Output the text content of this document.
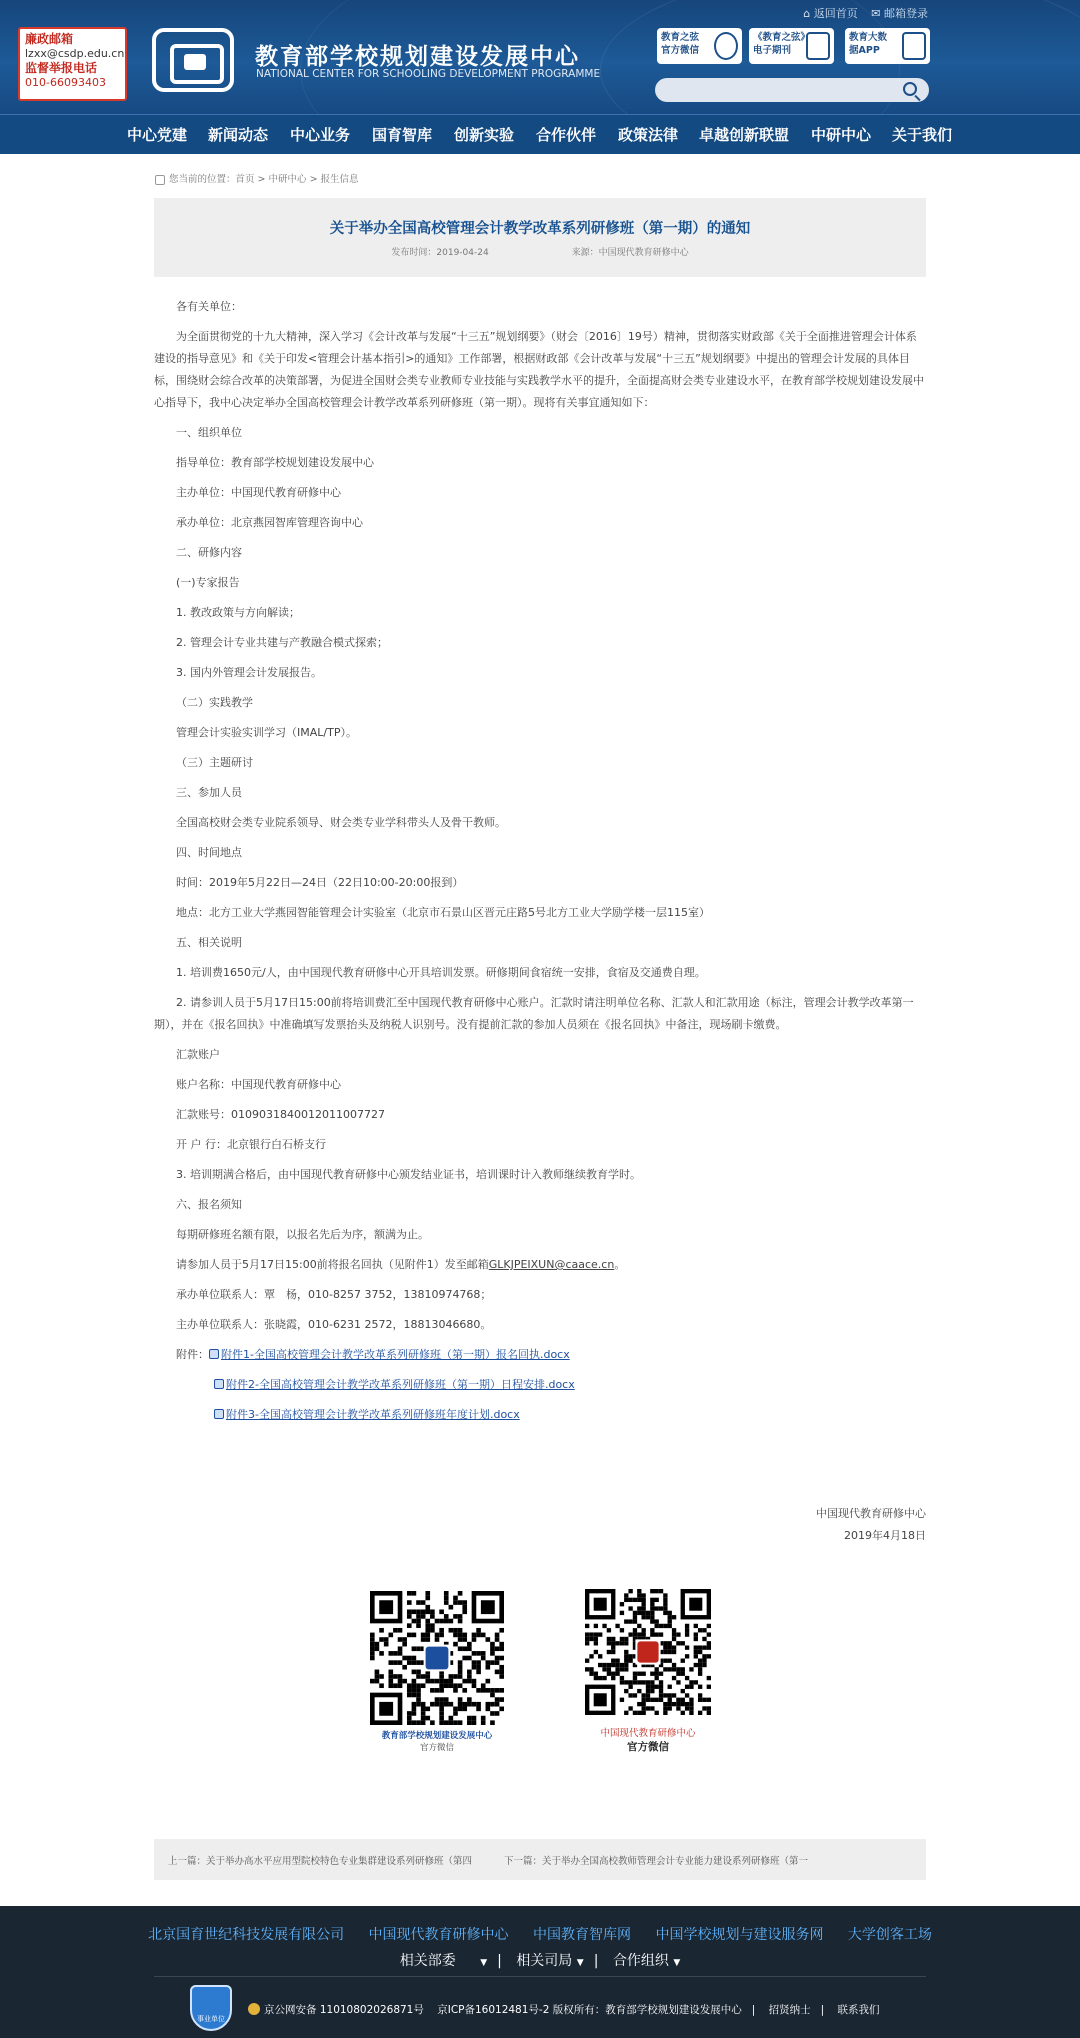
廉政邮箱
lzxx@csdp.edu.cn
监督举报电话
010-66093403
教育部学校规划建设发展中心
NATIONAL CENTER FOR SCHOOLING DEVELOPMENT PROGRAMME
⌂ 返回首页 ✉ 邮箱登录
教育之弦
官方微信
《教育之弦》
电子期刊
教育大数
据APP
中心党建 新闻动态 中心业务 国育智库 创新实验 合作伙伴 政策法律 卓越创新联盟 中研中心 关于我们
您当前的位置：首页 > 中研中心 > 报生信息
关于举办全国高校管理会计教学改革系列研修班（第一期）的通知
发布时间：2019-04-24	来源：中国现代教育研修中心

各有关单位：

为全面贯彻党的十九大精神，深入学习《会计改革与发展“十三五”规划纲要》（财会〔2016〕19号）精神，贯彻落实财政部《关于全面推进管理会计体系建设的指导意见》和《关于印发<管理会计基本指引>的通知》工作部署，根据财政部《会计改革与发展“十三五”规划纲要》中提出的管理会计发展的具体目标，围绕财会综合改革的决策部署，为促进全国财会类专业教师专业技能与实践教学水平的提升，全面提高财会类专业建设水平，在教育部学校规划建设发展中心指导下，我中心决定举办全国高校管理会计教学改革系列研修班（第一期）。现将有关事宜通知如下：

一、组织单位

指导单位：教育部学校规划建设发展中心

主办单位：中国现代教育研修中心

承办单位：北京燕园智库管理咨询中心

二、研修内容

(一)专家报告

1. 教改政策与方向解读；

2. 管理会计专业共建与产教融合模式探索；

3. 国内外管理会计发展报告。

（二）实践教学

管理会计实验实训学习（IMAL/TP）。

（三）主题研讨

三、参加人员

全国高校财会类专业院系领导、财会类专业学科带头人及骨干教师。

四、时间地点

时间：2019年5月22日—24日（22日10:00-20:00报到）

地点：北方工业大学燕园智能管理会计实验室（北京市石景山区晋元庄路5号北方工业大学励学楼一层115室）

五、相关说明

1. 培训费1650元/人，由中国现代教育研修中心开具培训发票。研修期间食宿统一安排，食宿及交通费自理。

2. 请参训人员于5月17日15:00前将培训费汇至中国现代教育研修中心账户。汇款时请注明单位名称、汇款人和汇款用途（标注，管理会计教学改革第一期），并在《报名回执》中准确填写发票抬头及纳税人识别号。没有提前汇款的参加人员须在《报名回执》中备注，现场刷卡缴费。

汇款账户

账户名称：中国现代教育研修中心

汇款账号：0109031840012011007727

开 户 行：北京银行白石桥支行

3. 培训期满合格后，由中国现代教育研修中心颁发结业证书，培训课时计入教师继续教育学时。

六、报名须知

每期研修班名额有限，以报名先后为序，额满为止。

请参加人员于5月17日15:00前将报名回执（见附件1）发至邮箱GLKJPEIXUN@caace.cn。

承办单位联系人：覃　杨，010-8257 3752，13810974768；

主办单位联系人：张晓霞，010-6231 2572，18813046680。

附件： 附件1-全国高校管理会计教学改革系列研修班（第一期）报名回执.docx

附件2-全国高校管理会计教学改革系列研修班（第一期）日程安排.docx

附件3-全国高校管理会计教学改革系列研修班年度计划.docx

中国现代教育研修中心
2019年4月18日
教育部学校规划建设发展中心
官方微信
中国现代教育研修中心
官方微信
上一篇：关于举办高水平应用型院校特色专业集群建设系列研修班（第四	下一篇：关于举办全国高校教师管理会计专业能力建设系列研修班（第一
北京国育世纪科技发展有限公司 中国现代教育研修中心 中国教育智库网 中国学校规划与建设服务网 大学创客工场
相关部委	▼ | 相关司局 ▼ | 合作组织 ▼
事业单位
京公网安备 11010802026871号 京ICP备16012481号-2 版权所有：教育部学校规划建设发展中心 | 招贤纳士 | 联系我们
